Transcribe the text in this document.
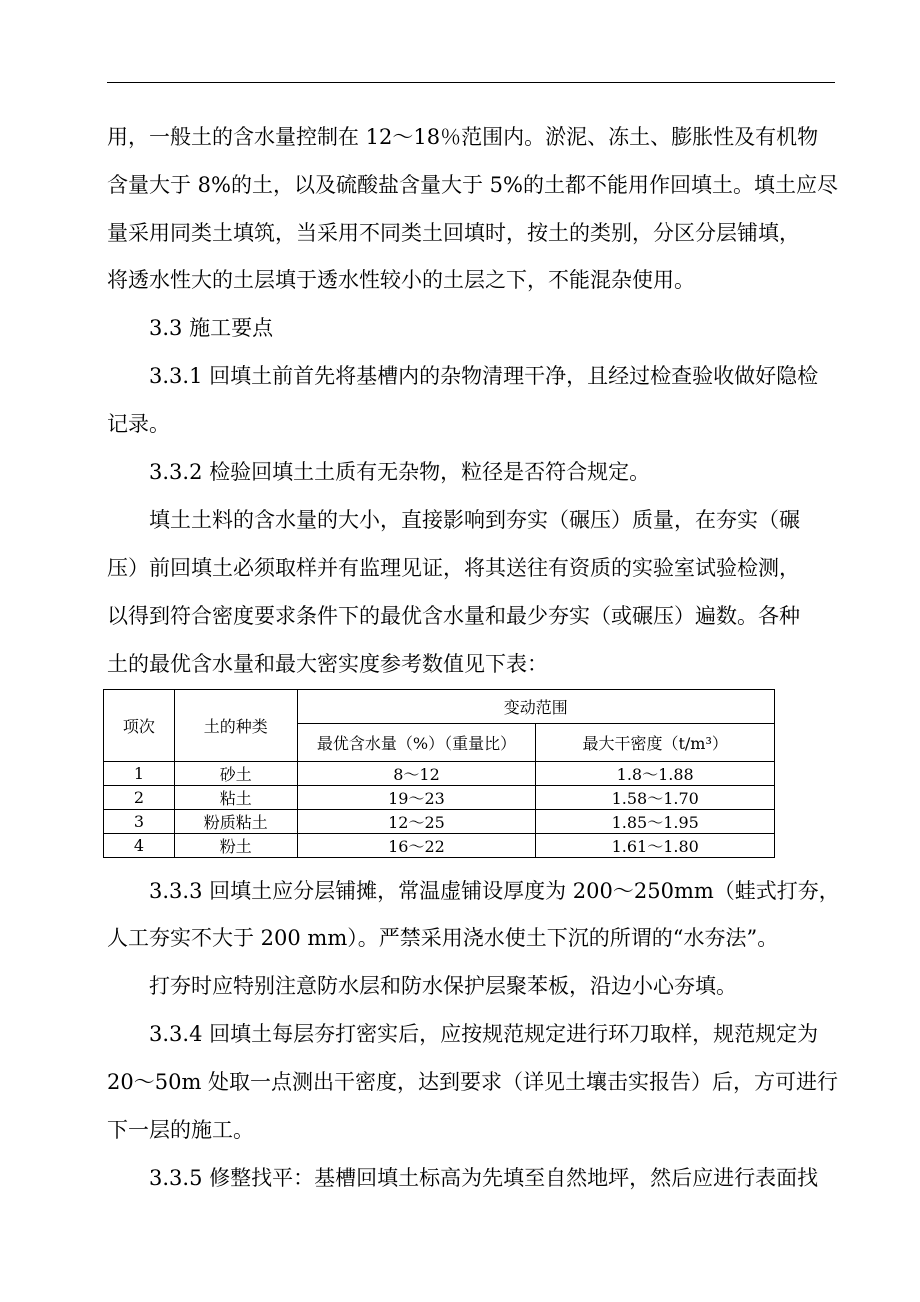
用，一般土的含水量控制在 12～18％范围内。淤泥、冻土、膨胀性及有机物

含量大于 8%的土，以及硫酸盐含量大于 5%的土都不能用作回填土。填土应尽

量采用同类土填筑，当采用不同类土回填时，按土的类别，分区分层铺填，

将透水性大的土层填于透水性较小的土层之下，不能混杂使用。

3.3 施工要点

3.3.1 回填土前首先将基槽内的杂物清理干净，且经过检查验收做好隐检

记录。

3.3.2 检验回填土土质有无杂物，粒径是否符合规定。

填土土料的含水量的大小，直接影响到夯实（碾压）质量，在夯实（碾

压）前回填土必须取样并有监理见证，将其送往有资质的实验室试验检测，

以得到符合密度要求条件下的最优含水量和最少夯实（或碾压）遍数。各种

土的最优含水量和最大密实度参考数值见下表：

项次	土的种类	变动范围	
		最优含水量（%）（重量比）	最大干密度（t/m³）
1	砂土	8～12	1.8～1.88
2	粘土	19～23	1.58～1.70
3	粉质粘土	12～25	1.85～1.95
4	粉土	16～22	1.61～1.80

3.3.3 回填土应分层铺摊，常温虚铺设厚度为 200～250mm（蛙式打夯，

人工夯实不大于 200 mm）。严禁采用浇水使土下沉的所谓的“水夯法”。

打夯时应特别注意防水层和防水保护层聚苯板，沿边小心夯填。

3.3.4 回填土每层夯打密实后，应按规范规定进行环刀取样，规范规定为

20～50m 处取一点测出干密度，达到要求（详见土壤击实报告）后，方可进行

下一层的施工。

3.3.5 修整找平：基槽回填土标高为先填至自然地坪，然后应进行表面找
